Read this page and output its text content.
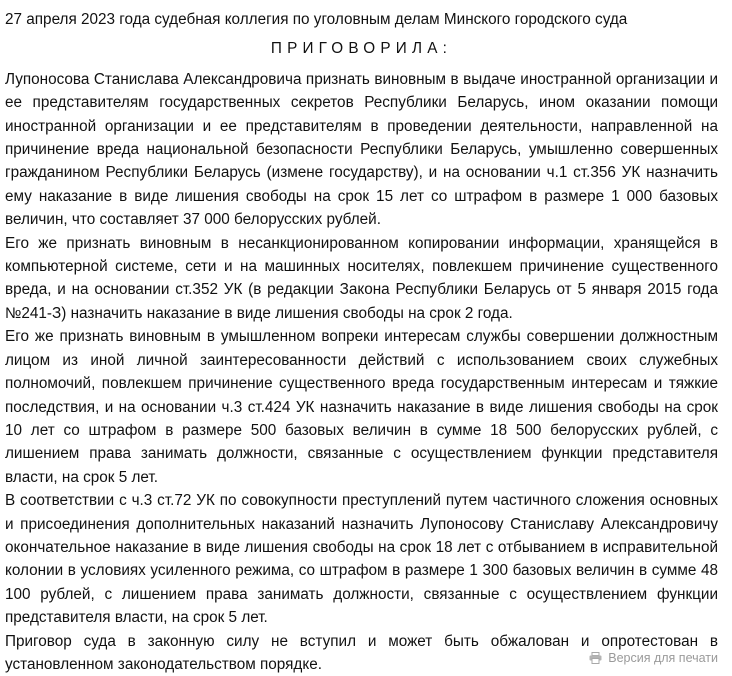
27 апреля 2023 года судебная коллегия по уголовным делам Минского городского суда

ПРИГОВОРИЛА:

Лупоносова Станислава Александровича признать виновным в выдаче иностранной организации и ее представителям государственных секретов Республики Беларусь, ином оказании помощи иностранной организации и ее представителям в проведении деятельности, направленной на причинение вреда национальной безопасности Республики Беларусь, умышленно совершенных гражданином Республики Беларусь (измене государству), и на основании ч.1 ст.356 УК назначить ему наказание в виде лишения свободы на срок 15 лет со штрафом в размере 1 000 базовых величин, что составляет 37 000 белорусских рублей.

Его же признать виновным в несанкционированном копировании информации, хранящейся в компьютерной системе, сети и на машинных носителях, повлекшем причинение существенного вреда, и на основании ст.352 УК (в редакции Закона Республики Беларусь от 5 января 2015 года №241-З) назначить наказание в виде лишения свободы на срок 2 года.

Его же признать виновным в умышленном вопреки интересам службы совершении должностным лицом из иной личной заинтересованности действий с использованием своих служебных полномочий, повлекшем причинение существенного вреда государственным интересам и тяжкие последствия, и на основании ч.3 ст.424 УК назначить наказание в виде лишения свободы на срок 10 лет со штрафом в размере 500 базовых величин в сумме 18 500 белорусских рублей, с лишением права занимать должности, связанные с осуществлением функции представителя власти, на срок 5 лет.

В соответствии с ч.3 ст.72 УК по совокупности преступлений путем частичного сложения основных и присоединения дополнительных наказаний назначить Лупоносову Станиславу Александровичу окончательное наказание в виде лишения свободы на срок 18 лет с отбыванием в исправительной колонии в условиях усиленного режима, со штрафом в размере 1 300 базовых величин в сумме 48 100 рублей, с лишением права занимать должности, связанные с осуществлением функции представителя власти, на срок 5 лет.

Приговор суда в законную силу не вступил и может быть обжалован и опротестован в установленном законодательством порядке.	Версия для печати
